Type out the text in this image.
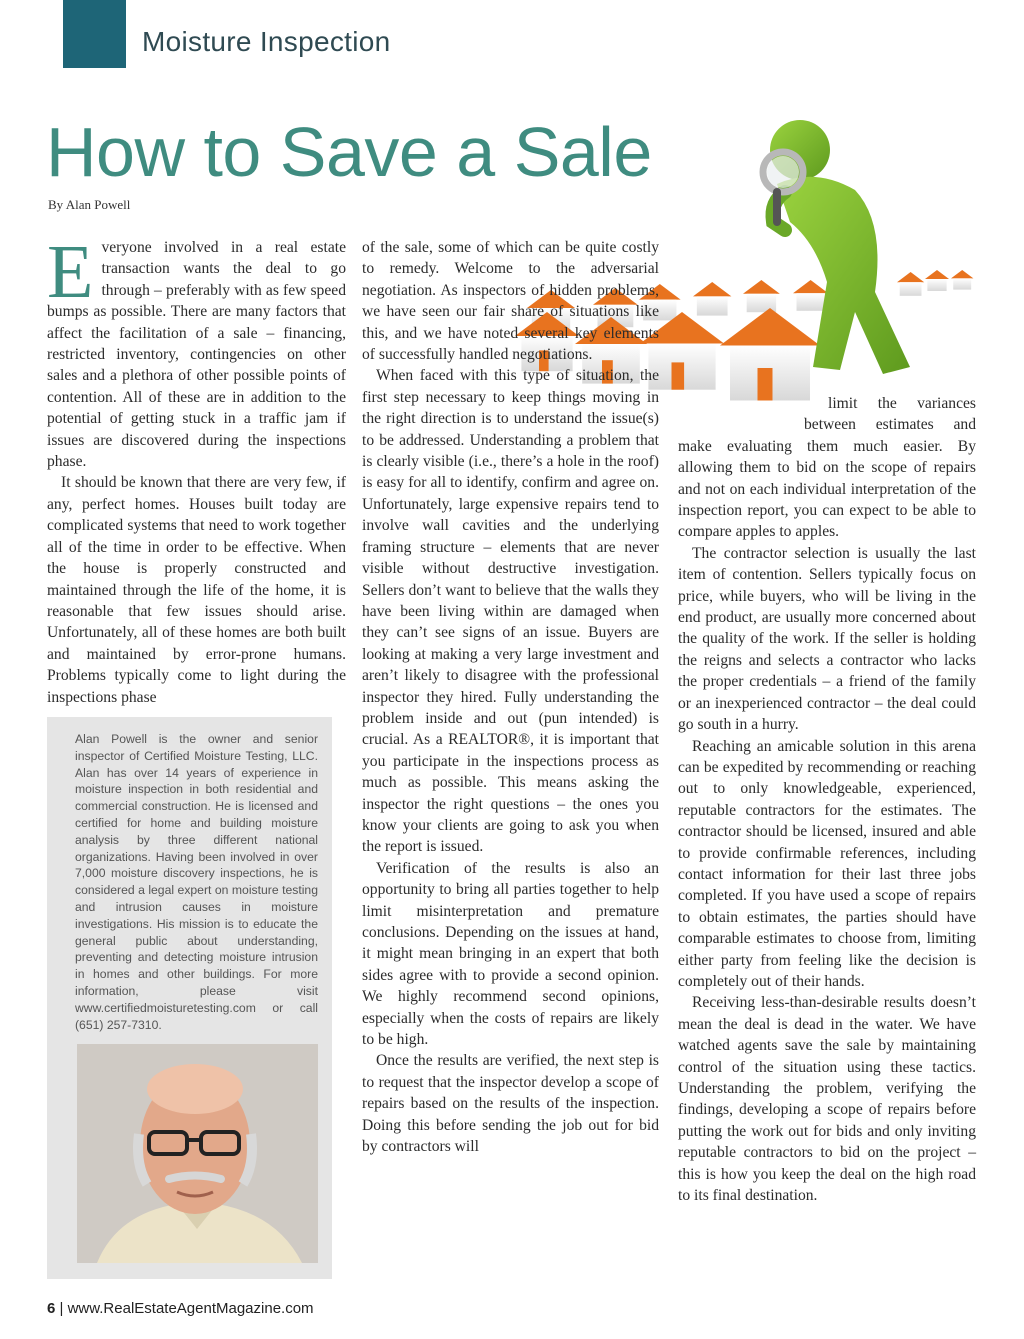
Moisture Inspection
How to Save a Sale
By Alan Powell

Everyone involved in a real estate transaction wants the deal to go through – preferably with as few speed bumps as possible. There are many factors that affect the facilitation of a sale – financing, restricted inventory, contingencies on other sales and a plethora of other possible points of contention. All of these are in addition to the potential of getting stuck in a traffic jam if issues are discovered during the inspections phase.

It should be known that there are very few, if any, perfect homes. Houses built today are complicated systems that need to work together all of the time in order to be effective. When the house is properly constructed and maintained through the life of the home, it is reasonable that few issues should arise. Unfortunately, all of these homes are both built and maintained by error-prone humans. Problems typically come to light during the inspections phase

of the sale, some of which can be quite costly to remedy. Welcome to the adversarial negotiation. As inspectors of hidden problems, we have seen our fair share of situations like this, and we have noted several key elements of successfully handled negotiations.

When faced with this type of situation, the first step necessary to keep things moving in the right direction is to understand the issue(s) to be addressed. Understanding a problem that is clearly visible (i.e., there’s a hole in the roof) is easy for all to identify, confirm and agree on. Unfortunately, large expensive repairs tend to involve wall cavities and the underlying framing structure – elements that are never visible without destructive investigation. Sellers don’t want to believe that the walls they have been living within are damaged when they can’t see signs of an issue. Buyers are looking at making a very large investment and aren’t likely to disagree with the professional inspector they hired. Fully understanding the problem inside and out (pun intended) is crucial. As a REALTOR®, it is important that you participate in the inspections process as much as possible. This means asking the inspector the right questions – the ones you know your clients are going to ask you when the report is issued.

Verification of the results is also an opportunity to bring all parties together to help limit misinterpretation and premature conclusions. Depending on the issues at hand, it might mean bringing in an expert that both sides agree with to provide a second opinion. We highly recommend second opinions, especially when the costs of repairs are likely to be high.

Once the results are verified, the next step is to request that the inspector develop a scope of repairs based on the results of the inspection. Doing this before sending the job out for bid by contractors will

limit the variances between estimates and make evaluating them much easier. By allowing them to bid on the scope of repairs and not on each individual interpretation of the inspection report, you can expect to be able to compare apples to apples.

The contractor selection is usually the last item of contention. Sellers typically focus on price, while buyers, who will be living in the end product, are usually more concerned about the quality of the work. If the seller is holding the reigns and selects a contractor who lacks the proper credentials – a friend of the family or an inexperienced contractor – the deal could go south in a hurry.

Reaching an amicable solution in this arena can be expedited by recommending or reaching out to only knowledgeable, experienced, reputable contractors for the estimates. The contractor should be licensed, insured and able to provide confirmable references, including contact information for their last three jobs completed. If you have used a scope of repairs to obtain estimates, the parties should have comparable estimates to choose from, limiting either party from feeling like the decision is completely out of their hands.

Receiving less-than-desirable results doesn’t mean the deal is dead in the water. We have watched agents save the sale by maintaining control of the situation using these tactics. Understanding the problem, verifying the findings, developing a scope of repairs before putting the work out for bids and only inviting reputable contractors to bid on the project – this is how you keep the deal on the high road to its final destination.

Alan Powell is the owner and senior inspector of Certified Moisture Testing, LLC. Alan has over 14 years of experience in moisture inspection in both residential and commercial construction. He is licensed and certified for home and building moisture analysis by three different national organizations. Having been involved in over 7,000 moisture discovery inspections, he is considered a legal expert on moisture testing and intrusion causes in moisture investigations. His mission is to educate the general public about understanding, preventing and detecting moisture intrusion in homes and other buildings. For more information, please visit www.certifiedmoisturetesting.com or call (651) 257-7310.
6 | www.RealEstateAgentMagazine.com
